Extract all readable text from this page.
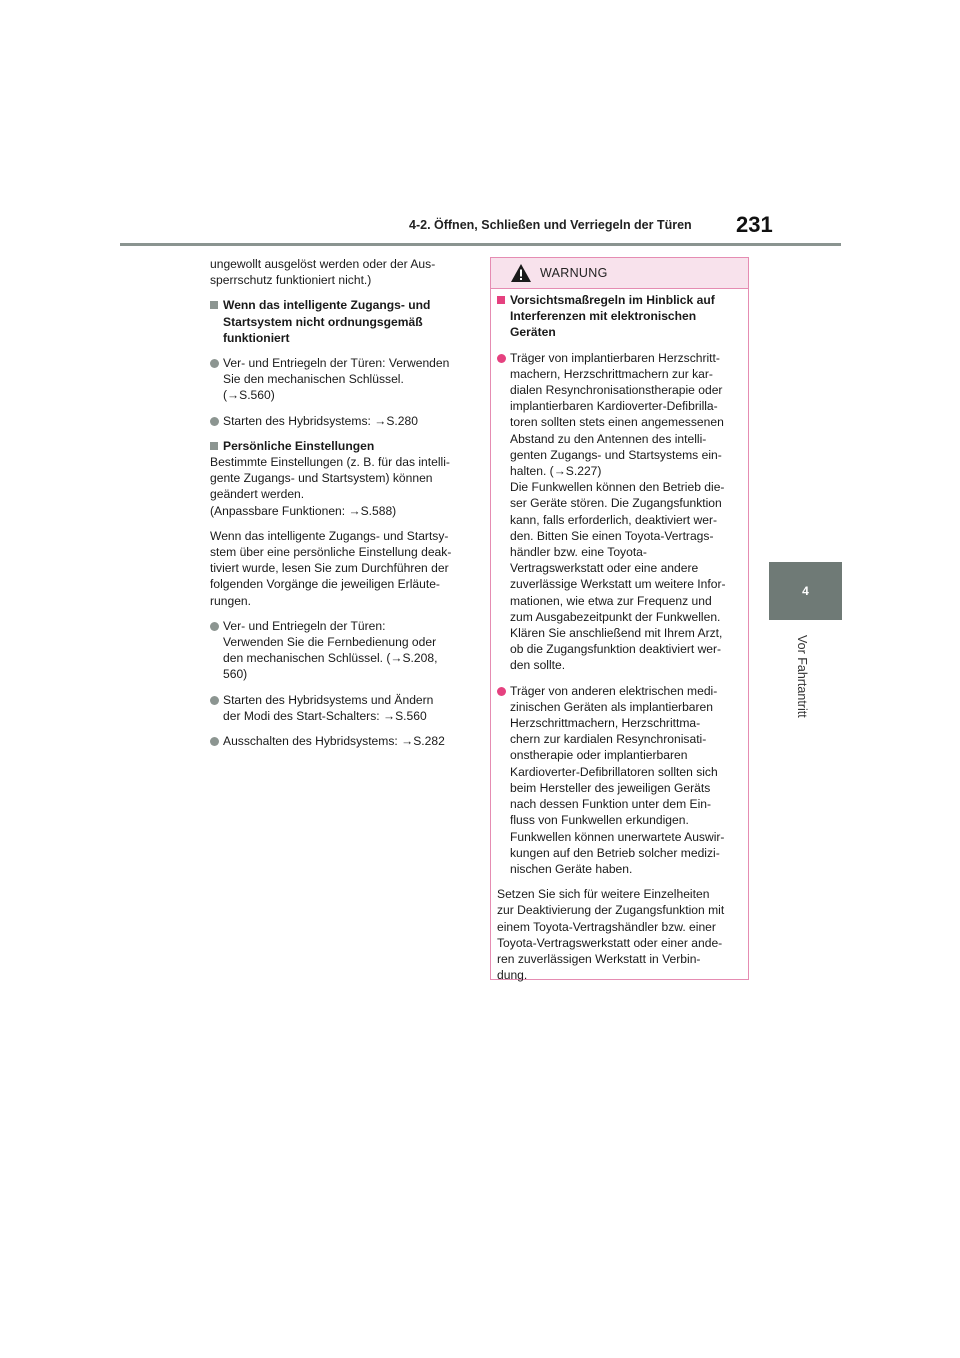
4-2. Öffnen, Schließen und Verriegeln der Türen 231
4
Vor Fahrtantritt

ungewollt ausgelöst werden oder der Aus-
sperrschutz funktioniert nicht.)

Wenn das intelligente Zugangs- und
Startsystem nicht ordnungsgemäß
funktioniert

Ver- und Entriegeln der Türen: Verwenden
Sie den mechanischen Schlüssel.
(→S.560)

Starten des Hybridsystems: →S.280

Persönliche Einstellungen

Bestimmte Einstellungen (z. B. für das intelli-
gente Zugangs- und Startsystem) können
geändert werden.
(Anpassbare Funktionen: →S.588)

Wenn das intelligente Zugangs- und Startsy-
stem über eine persönliche Einstellung deak-
tiviert wurde, lesen Sie zum Durchführen der
folgenden Vorgänge die jeweiligen Erläute-
rungen.

Ver- und Entriegeln der Türen:
Verwenden Sie die Fernbedienung oder
den mechanischen Schlüssel. (→S.208,
560)

Starten des Hybridsystems und Ändern
der Modi des Start-Schalters: →S.560

Ausschalten des Hybridsystems: →S.282

WARNUNG

Vorsichtsmaßregeln im Hinblick auf
Interferenzen mit elektronischen
Geräten

Träger von implantierbaren Herzschritt-
machern, Herzschrittmachern zur kar-
dialen Resynchronisationstherapie oder
implantierbaren Kardioverter-Defibrilla-
toren sollten stets einen angemessenen
Abstand zu den Antennen des intelli-
genten Zugangs- und Startsystems ein-
halten. (→S.227)
Die Funkwellen können den Betrieb die-
ser Geräte stören. Die Zugangsfunktion
kann, falls erforderlich, deaktiviert wer-
den. Bitten Sie einen Toyota-Vertrags-
händler bzw. eine Toyota-
Vertragswerkstatt oder eine andere
zuverlässige Werkstatt um weitere Infor-
mationen, wie etwa zur Frequenz und
zum Ausgabezeitpunkt der Funkwellen.
Klären Sie anschließend mit Ihrem Arzt,
ob die Zugangsfunktion deaktiviert wer-
den sollte.

Träger von anderen elektrischen medi-
zinischen Geräten als implantierbaren
Herzschrittmachern, Herzschrittma-
chern zur kardialen Resynchronisati-
onstherapie oder implantierbaren
Kardioverter-Defibrillatoren sollten sich
beim Hersteller des jeweiligen Geräts
nach dessen Funktion unter dem Ein-
fluss von Funkwellen erkundigen.
Funkwellen können unerwartete Auswir-
kungen auf den Betrieb solcher medizi-
nischen Geräte haben.

Setzen Sie sich für weitere Einzelheiten
zur Deaktivierung der Zugangsfunktion mit
einem Toyota-Vertragshändler bzw. einer
Toyota-Vertragswerkstatt oder einer ande-
ren zuverlässigen Werkstatt in Verbin-
dung.
